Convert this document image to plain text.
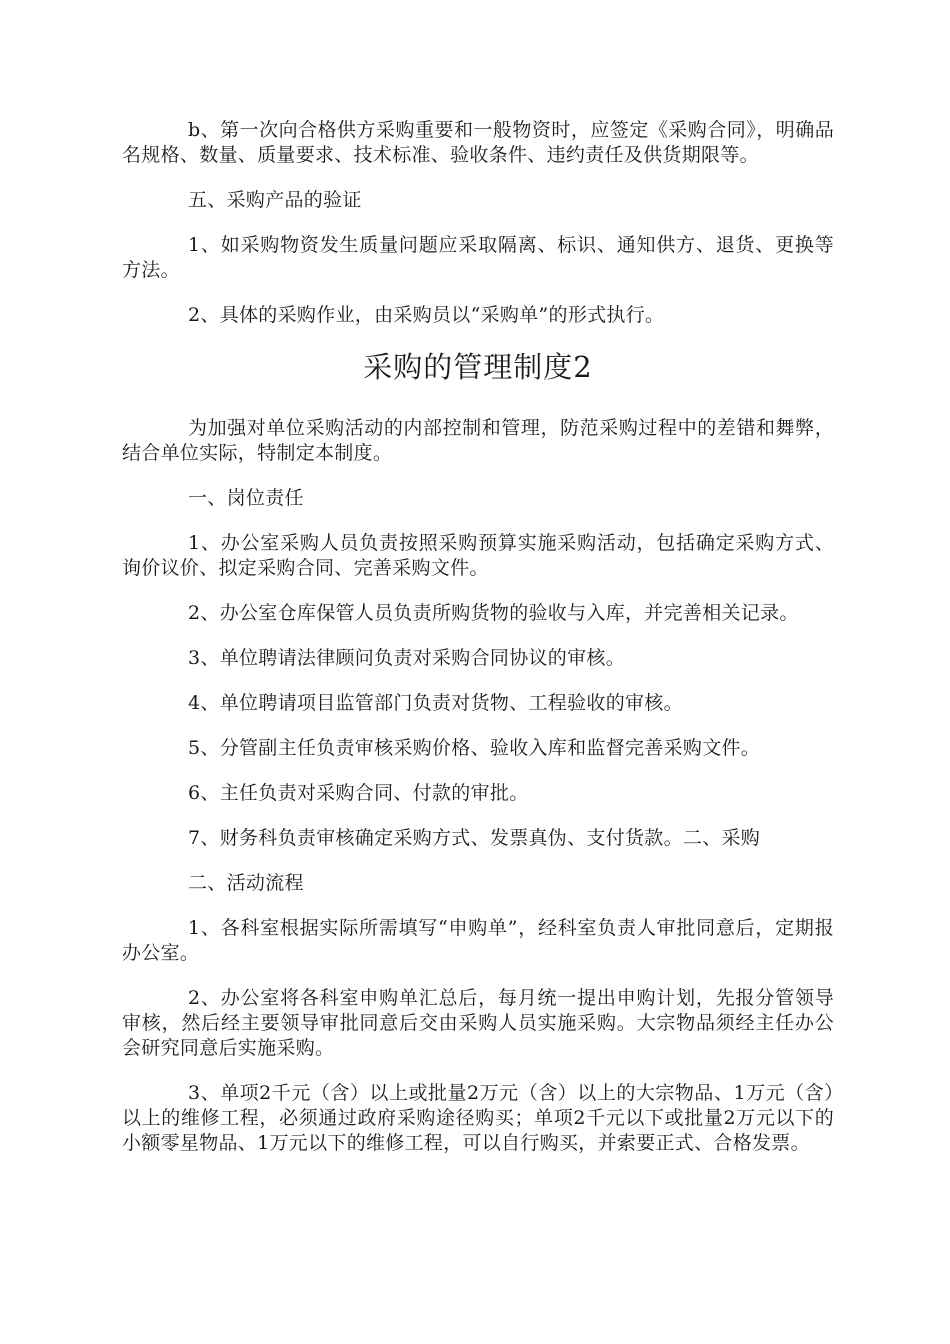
b、第一次向合格供方采购重要和一般物资时，应签定《采购合同》，明确品名规格、数量、质量要求、技术标准、验收条件、违约责任及供货期限等。

五、采购产品的验证

1、如采购物资发生质量问题应采取隔离、标识、通知供方、退货、更换等方法。

2、具体的采购作业，由采购员以“采购单”的形式执行。

采购的管理制度2

为加强对单位采购活动的内部控制和管理，防范采购过程中的差错和舞弊，结合单位实际，特制定本制度。

一、岗位责任

1、办公室采购人员负责按照采购预算实施采购活动，包括确定采购方式、询价议价、拟定采购合同、完善采购文件。

2、办公室仓库保管人员负责所购货物的验收与入库，并完善相关记录。

3、单位聘请法律顾问负责对采购合同协议的审核。

4、单位聘请项目监管部门负责对货物、工程验收的审核。

5、分管副主任负责审核采购价格、验收入库和监督完善采购文件。

6、主任负责对采购合同、付款的审批。

7、财务科负责审核确定采购方式、发票真伪、支付货款。二、采购

二、活动流程

1、各科室根据实际所需填写“申购单”，经科室负责人审批同意后，定期报办公室。

2、办公室将各科室申购单汇总后，每月统一提出申购计划，先报分管领导审核，然后经主要领导审批同意后交由采购人员实施采购。大宗物品须经主任办公会研究同意后实施采购。

3、单项2千元（含）以上或批量2万元（含）以上的大宗物品、1万元（含）以上的维修工程，必须通过政府采购途径购买；单项2千元以下或批量2万元以下的小额零星物品、1万元以下的维修工程，可以自行购买，并索要正式、合格发票。
